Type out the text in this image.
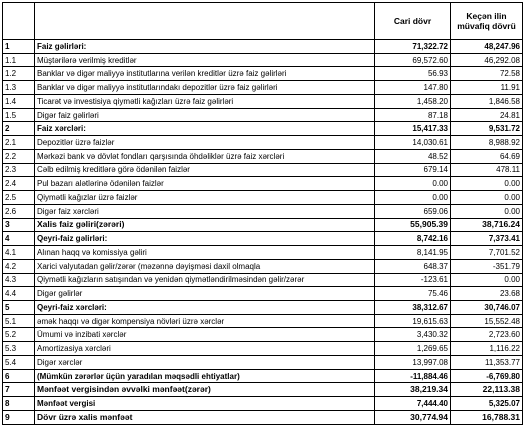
		Cari dövr	Keçən ilin müvafiq dövrü
1	Faiz gəlirləri:	71,322.72	48,247.96
1.1	Müştərilərə verilmiş kreditlər	69,572.60	46,292.08
1.2	Banklar və digər maliyyə institutlarına verilən kreditlər üzrə faiz gəlirləri	56.93	72.58
1.3	Banklar və digər maliyyə institutlarındakı depozitlər üzrə faiz gəlirləri	147.80	11.91
1.4	Ticarət və investisiya qiymətli kağızları üzrə faiz gəlirləri	1,458.20	1,846.58
1.5	Digər faiz gəlirləri	87.18	24.81
2	Faiz xərcləri:	15,417.33	9,531.72
2.1	Depozitlər üzrə faizlər	14,030.61	8,988.92
2.2	Mərkəzi bank və dövlət fondları qarşısında öhdəliklər üzrə faiz xərcləri	48.52	64.69
2.3	Cəlb edilmiş kreditlərə görə ödənilən faizlər	679.14	478.11
2.4	Pul bazarı alətlərinə ödənilən faizlər	0.00	0.00
2.5	Qiymətli kağızlar üzrə faizlər	0.00	0.00
2.6	Digər faiz xərcləri	659.06	0.00
3	Xalis faiz gəliri(zərəri)	55,905.39	38,716.24
4	Qeyri-faiz gəlirləri:	8,742.16	7,373.41
4.1	Alınan haqq və komissiya gəliri	8,141.95	7,701.52
4.2	Xarici valyutadan gəlir/zərər (məzənnə dəyişməsi daxil olmaqla	648.37	-351.79
4.3	Qiymətli kağızların satışından və yenidən qiymətləndirilməsindən gəlir/zərər	-123.61	0.00
4.4	Digər gəlirlər	75.46	23.68
5	Qeyri-faiz xərcləri:	38,312.67	30,746.07
5.1	əmək haqqı və digər kompensiya növləri üzrə xərclər	19,615.63	15,552.48
5.2	Ümumi və inzibati xərclər	3,430.32	2,723.60
5.3	Amortizasiya xərcləri	1,269.65	1,116.22
5.4	Digər xərclər	13,997.08	11,353.77
6	(Mümkün zərərlər üçün yaradılan məqsədli ehtiyatlar)	-11,884.46	-6,769.80
7	Mənfəət vergisindən əvvəlki mənfəət(zərər)	38,219.34	22,113.38
8	Mənfəət vergisi	7,444.40	5,325.07
9	Dövr üzrə xalis mənfəət	30,774.94	16,788.31
